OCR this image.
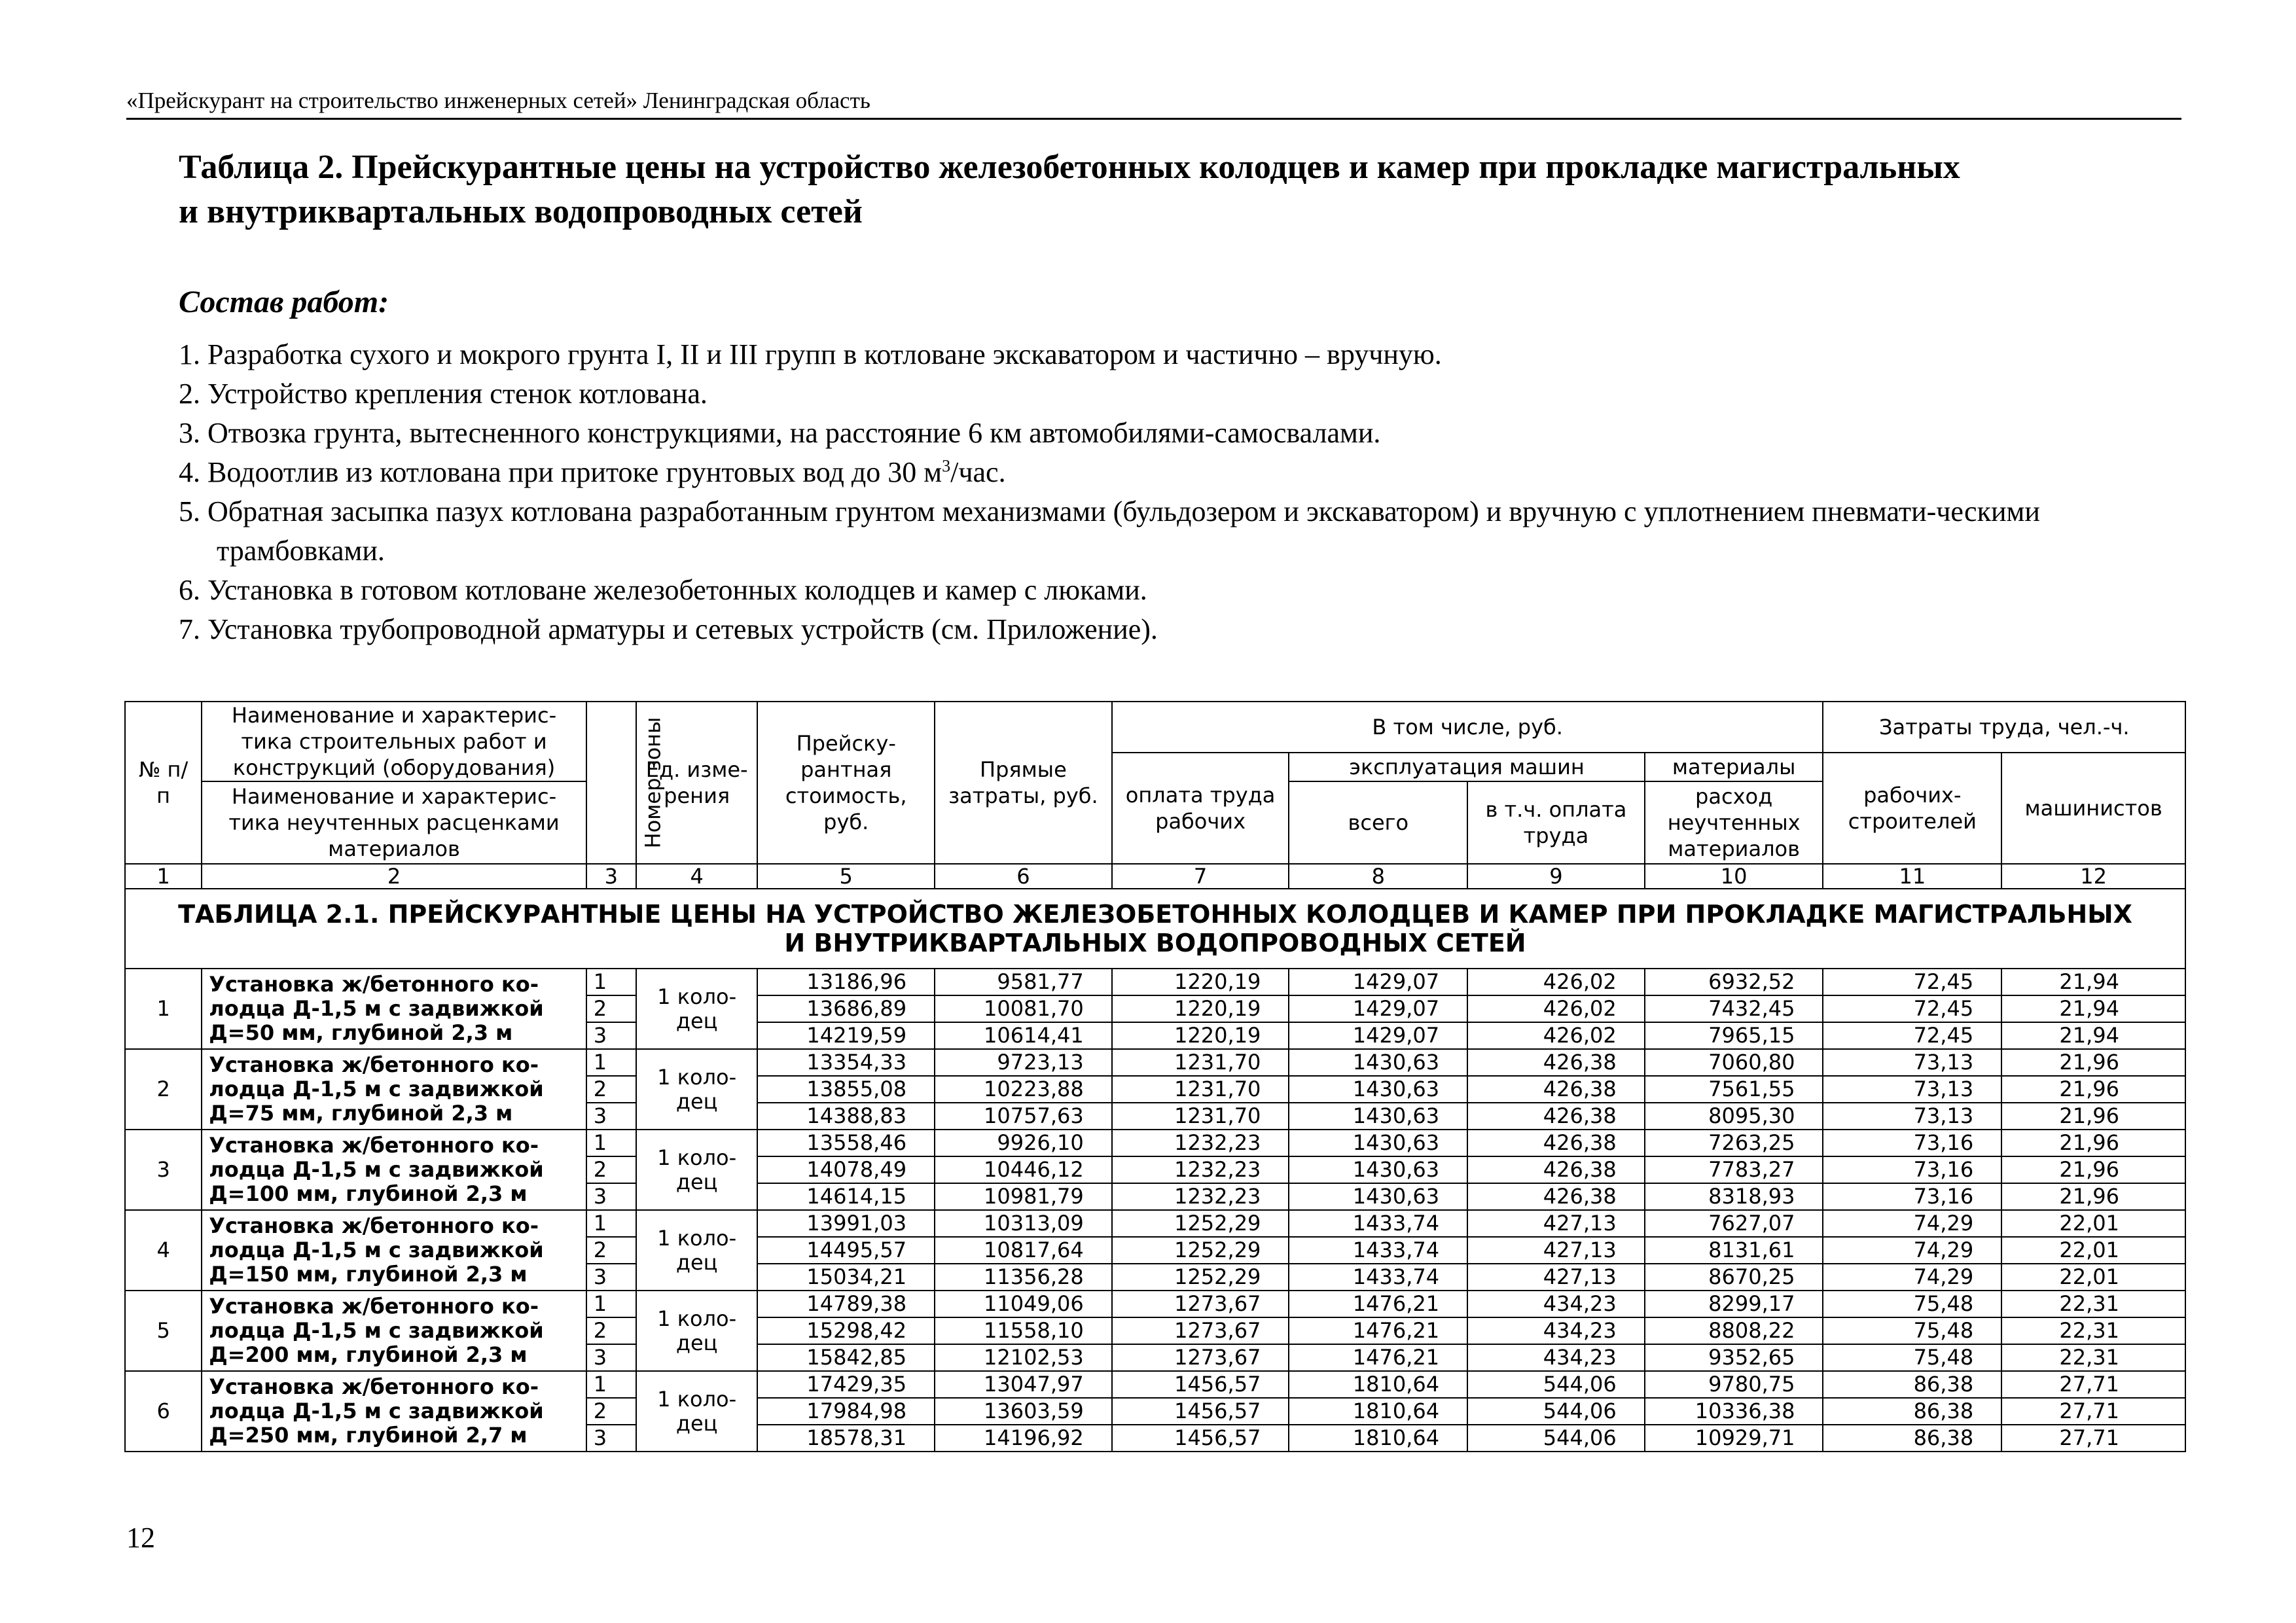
«Прейскурант на строительство инженерных сетей» Ленинградская область
Таблица 2. Прейскурантные цены на устройство железобетонных колодцев и камер при прокладке магистральных
и внутриквартальных водопроводных сетей
Состав работ:
1. Разработка сухого и мокрого грунта I, II и III групп в котловане экскаватором и частично – вручную.
2. Устройство крепления стенок котлована.
3. Отвозка грунта, вытесненного конструкциями, на расстояние 6 км автомобилями-самосвалами.
4. Водоотлив из котлована при притоке грунтовых вод до 30 $м^3$/час.
5. Обратная засыпка пазух котлована разработанным грунтом механизмами (бульдозером и экскаватором) и вручную с уплотнением пневмати-ческими трамбовками.
6. Установка в готовом котловане железобетонных колодцев и камер с люками.
7. Установка трубопроводной арматуры и сетевых устройств (см. Приложение).
№ п/п	Наименование и характерис-тика строительных работ и конструкций (оборудования)	Номер зоны	Ед. изме-рения	Прейску-рантная стоимость, руб.	Прямые затраты, руб.	В том числе, руб.				Затраты труда, чел.-ч.	
						оплата труда рабочих	эксплуатация машин		материалы	рабочих-строителей	машинистов
	Наименование и характерис-тика неучтенных расценками материалов						всего	в т.ч. оплата труда	расход неучтенных материалов		
1	2	3	4	5	6	7	8	9	10	11	12

ТАБЛИЦА 2.1. ПРЕЙСКУРАНТНЫЕ ЦЕНЫ НА УСТРОЙСТВО ЖЕЛЕЗОБЕТОННЫХ КОЛОДЦЕВ И КАМЕР ПРИ ПРОКЛАДКЕ МАГИСТРАЛЬНЫХ
И ВНУТРИКВАРТАЛЬНЫХ ВОДОПРОВОДНЫХ СЕТЕЙ											

1	Установка ж/бетонного ко-лодца Д-1,5 м с задвижкой Д=50 мм, глубиной 2,3 м	1	1 коло-дец	13186,96	9581,77	1220,19	1429,07	426,02	6932,52	72,45	21,94
		2		13686,89	10081,70	1220,19	1429,07	426,02	7432,45	72,45	21,94
		3		14219,59	10614,41	1220,19	1429,07	426,02	7965,15	72,45	21,94
2	Установка ж/бетонного ко-лодца Д-1,5 м с задвижкой Д=75 мм, глубиной 2,3 м	1	1 коло-дец	13354,33	9723,13	1231,70	1430,63	426,38	7060,80	73,13	21,96
		2		13855,08	10223,88	1231,70	1430,63	426,38	7561,55	73,13	21,96
		3		14388,83	10757,63	1231,70	1430,63	426,38	8095,30	73,13	21,96
3	Установка ж/бетонного ко-лодца Д-1,5 м с задвижкой Д=100 мм, глубиной 2,3 м	1	1 коло-дец	13558,46	9926,10	1232,23	1430,63	426,38	7263,25	73,16	21,96
		2		14078,49	10446,12	1232,23	1430,63	426,38	7783,27	73,16	21,96
		3		14614,15	10981,79	1232,23	1430,63	426,38	8318,93	73,16	21,96
4	Установка ж/бетонного ко-лодца Д-1,5 м с задвижкой Д=150 мм, глубиной 2,3 м	1	1 коло-дец	13991,03	10313,09	1252,29	1433,74	427,13	7627,07	74,29	22,01
		2		14495,57	10817,64	1252,29	1433,74	427,13	8131,61	74,29	22,01
		3		15034,21	11356,28	1252,29	1433,74	427,13	8670,25	74,29	22,01
5	Установка ж/бетонного ко-лодца Д-1,5 м с задвижкой Д=200 мм, глубиной 2,3 м	1	1 коло-дец	14789,38	11049,06	1273,67	1476,21	434,23	8299,17	75,48	22,31
		2		15298,42	11558,10	1273,67	1476,21	434,23	8808,22	75,48	22,31
		3		15842,85	12102,53	1273,67	1476,21	434,23	9352,65	75,48	22,31
6	Установка ж/бетонного ко-лодца Д-1,5 м с задвижкой Д=250 мм, глубиной 2,7 м	1	1 коло-дец	17429,35	13047,97	1456,57	1810,64	544,06	9780,75	86,38	27,71
		2		17984,98	13603,59	1456,57	1810,64	544,06	10336,38	86,38	27,71
		3		18578,31	14196,92	1456,57	1810,64	544,06	10929,71	86,38	27,71
12
